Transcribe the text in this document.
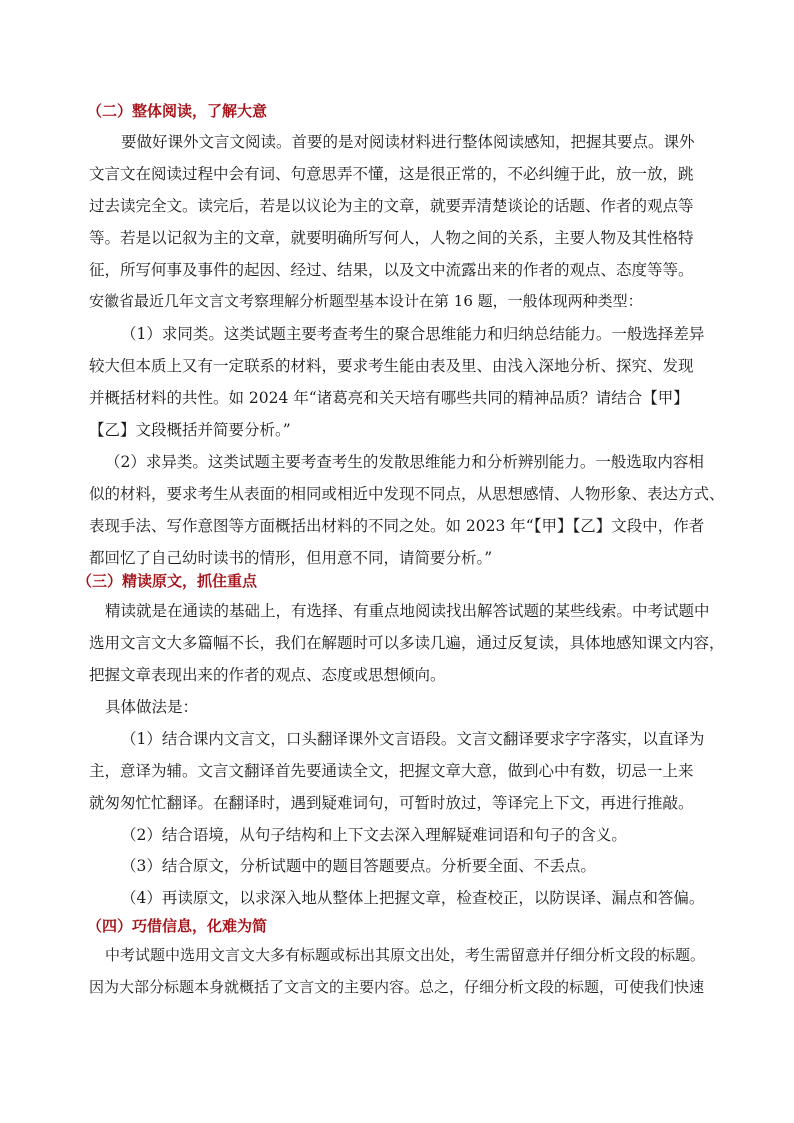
（二）整体阅读，了解大意
要做好课外文言文阅读。首要的是对阅读材料进行整体阅读感知，把握其要点。课外
文言文在阅读过程中会有词、句意思弄不懂，这是很正常的，不必纠缠于此，放一放，跳
过去读完全文。读完后，若是以议论为主的文章，就要弄清楚谈论的话题、作者的观点等
等。若是以记叙为主的文章，就要明确所写何人，人物之间的关系，主要人物及其性格特
征，所写何事及事件的起因、经过、结果，以及文中流露出来的作者的观点、态度等等。
安徽省最近几年文言文考察理解分析题型基本设计在第 16 题，一般体现两种类型：
（1）求同类。这类试题主要考查考生的聚合思维能力和归纳总结能力。一般选择差异
较大但本质上又有一定联系的材料，要求考生能由表及里、由浅入深地分析、探究、发现
并概括材料的共性。如 2024 年“诸葛亮和关天培有哪些共同的精神品质？请结合【甲】
【乙】文段概括并简要分析。”
（2）求异类。这类试题主要考查考生的发散思维能力和分析辨别能力。一般选取内容相
似的材料，要求考生从表面的相同或相近中发现不同点，从思想感情、人物形象、表达方式、
表现手法、写作意图等方面概括出材料的不同之处。如 2023 年“【甲】【乙】文段中，作者
都回忆了自己幼时读书的情形，但用意不同，请简要分析。”
（三）精读原文，抓住重点
精读就是在通读的基础上，有选择、有重点地阅读找出解答试题的某些线索。中考试题中
选用文言文大多篇幅不长，我们在解题时可以多读几遍，通过反复读，具体地感知课文内容，
把握文章表现出来的作者的观点、态度或思想倾向。
具体做法是：
（1）结合课内文言文，口头翻译课外文言语段。文言文翻译要求字字落实，以直译为
主，意译为辅。文言文翻译首先要通读全文，把握文章大意，做到心中有数，切忌一上来
就匆匆忙忙翻译。在翻译时，遇到疑难词句，可暂时放过，等译完上下文，再进行推敲。
（2）结合语境，从句子结构和上下文去深入理解疑难词语和句子的含义。
（3）结合原文，分析试题中的题目答题要点。分析要全面、不丢点。
（4）再读原文，以求深入地从整体上把握文章，检查校正，以防误译、漏点和答偏。
（四）巧借信息，化难为简
中考试题中选用文言文大多有标题或标出其原文出处，考生需留意并仔细分析文段的标题。
因为大部分标题本身就概括了文言文的主要内容。总之，仔细分析文段的标题，可使我们快速
